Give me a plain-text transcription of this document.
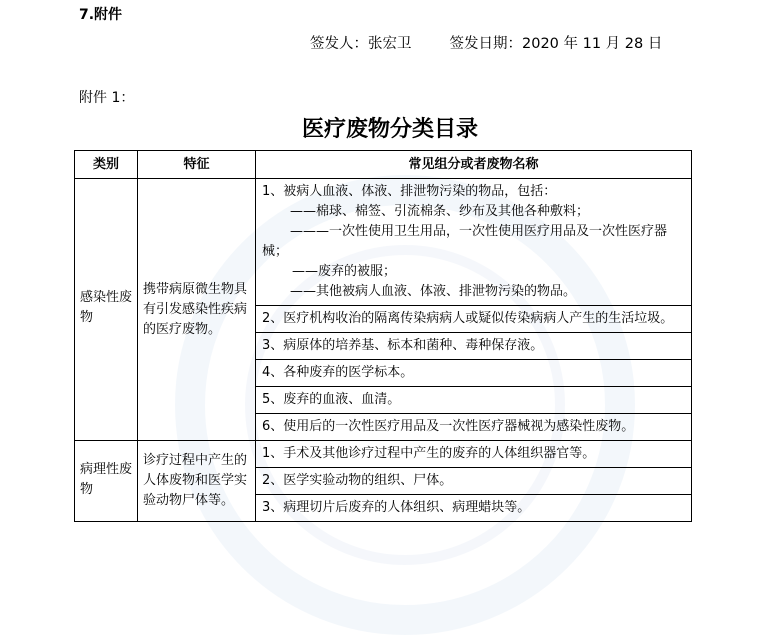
7.附件
签发人：张宏卫	签发日期：2020 年 11 月 28 日
附件 1：
医疗废物分类目录
类别	特征	常见组分或者废物名称
感染性废物	携带病原微生物具有引发感染性疾病的医疗废物。	1、被病人血液、体液、排泄物污染的物品，包括：
——棉球、棉签、引流棉条、纱布及其他各种敷料；
———一次性使用卫生用品，一次性使用医疗用品及一次性医疗器械；
——废弃的被服；
——其他被病人血液、体液、排泄物污染的物品。

		2、医疗机构收治的隔离传染病病人或疑似传染病病人产生的生活垃圾。
		3、病原体的培养基、标本和菌种、毒种保存液。
		4、各种废弃的医学标本。
		5、废弃的血液、血清。
		6、使用后的一次性医疗用品及一次性医疗器械视为感染性废物。
病理性废物	诊疗过程中产生的人体废物和医学实验动物尸体等。	1、手术及其他诊疗过程中产生的废弃的人体组织器官等。
		2、医学实验动物的组织、尸体。
		3、病理切片后废弃的人体组织、病理蜡块等。
